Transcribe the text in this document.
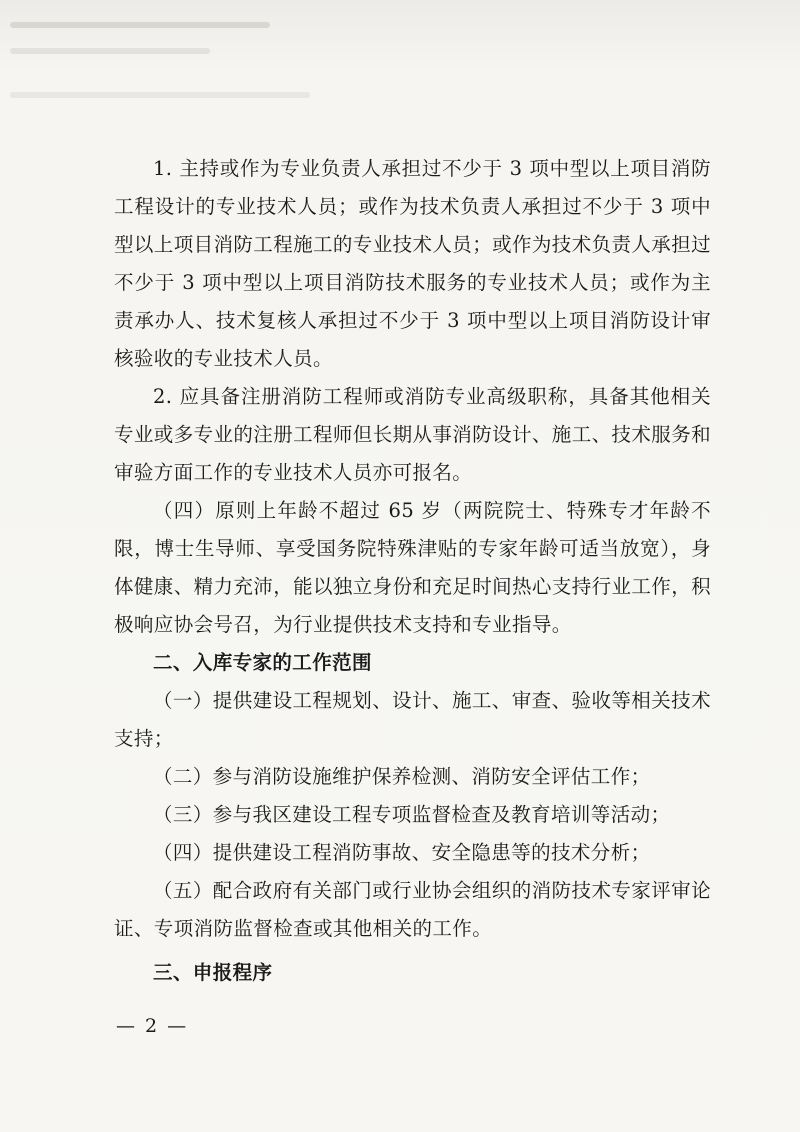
1. 主持或作为专业负责人承担过不少于 3 项中型以上项目消防工程设计的专业技术人员；或作为技术负责人承担过不少于 3 项中型以上项目消防工程施工的专业技术人员；或作为技术负责人承担过不少于 3 项中型以上项目消防技术服务的专业技术人员；或作为主责承办人、技术复核人承担过不少于 3 项中型以上项目消防设计审核验收的专业技术人员。

2. 应具备注册消防工程师或消防专业高级职称，具备其他相关专业或多专业的注册工程师但长期从事消防设计、施工、技术服务和审验方面工作的专业技术人员亦可报名。

（四）原则上年龄不超过 65 岁（两院院士、特殊专才年龄不限，博士生导师、享受国务院特殊津贴的专家年龄可适当放宽），身体健康、精力充沛，能以独立身份和充足时间热心支持行业工作，积极响应协会号召，为行业提供技术支持和专业指导。

二、入库专家的工作范围

（一）提供建设工程规划、设计、施工、审查、验收等相关技术支持；

（二）参与消防设施维护保养检测、消防安全评估工作；

（三）参与我区建设工程专项监督检查及教育培训等活动；

（四）提供建设工程消防事故、安全隐患等的技术分析；

（五）配合政府有关部门或行业协会组织的消防技术专家评审论证、专项消防监督检查或其他相关的工作。

三、申报程序

— 2 —
